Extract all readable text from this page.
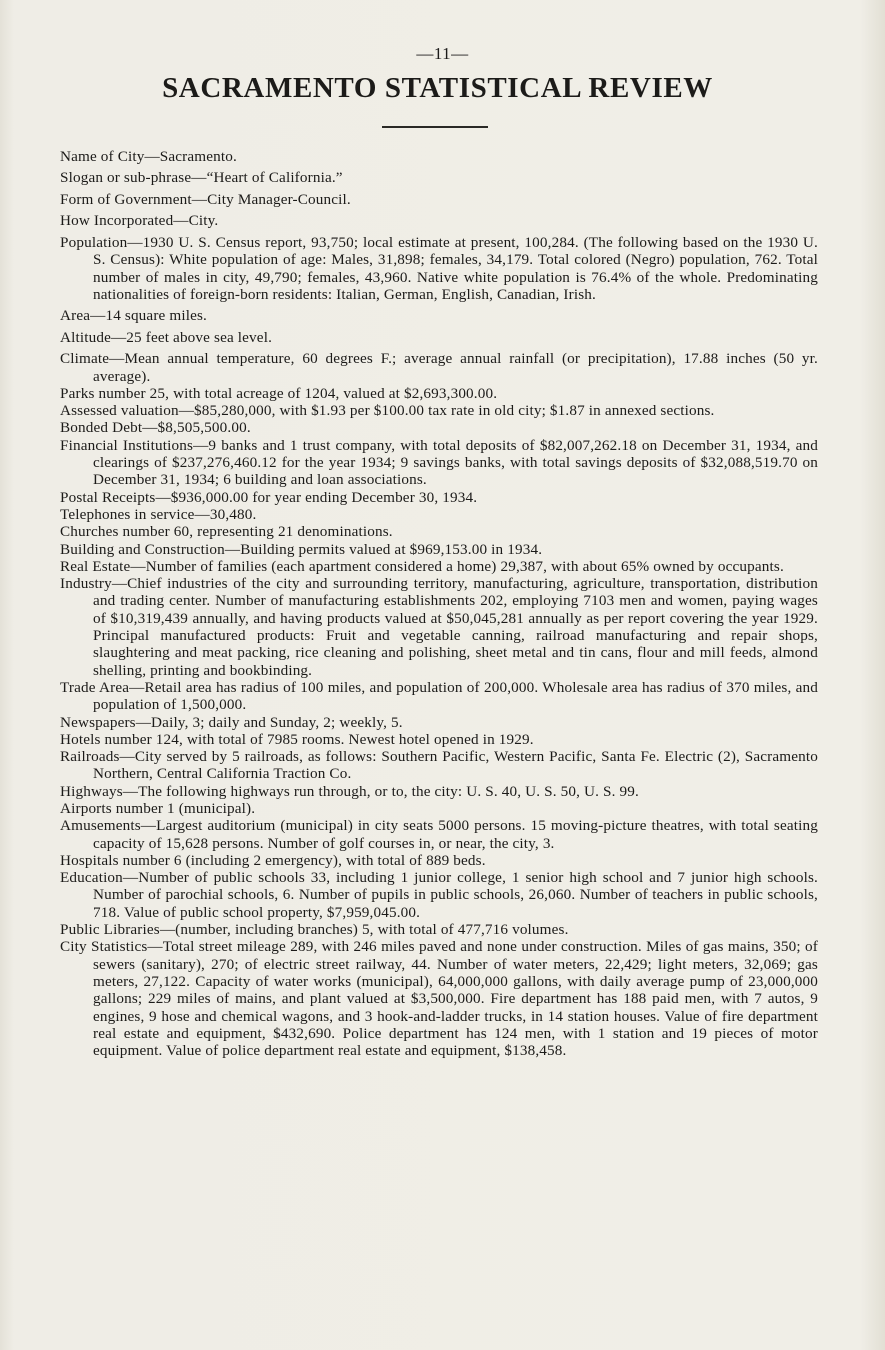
—11—
SACRAMENTO STATISTICAL REVIEW
Name of City—Sacramento.
Slogan or sub-phrase—“Heart of California.”
Form of Government—City Manager-Council.
How Incorporated—City.
Population—1930 U. S. Census report, 93,750; local estimate at present, 100,284. (The following based on the 1930 U. S. Census): White population of age: Males, 31,898; females, 34,179. Total colored (Negro) population, 762. Total number of males in city, 49,790; females, 43,960. Native white population is 76.4% of the whole. Predominating nationalities of foreign-born residents: Italian, German, English, Canadian, Irish.
Area—14 square miles.
Altitude—25 feet above sea level.
Climate—Mean annual temperature, 60 degrees F.; average annual rainfall (or precipitation), 17.88 inches (50 yr. average).
Parks number 25, with total acreage of 1204, valued at $2,693,300.00.
Assessed valuation—$85,280,000, with $1.93 per $100.00 tax rate in old city; $1.87 in annexed sections.
Bonded Debt—$8,505,500.00.
Financial Institutions—9 banks and 1 trust company, with total deposits of $82,007,262.18 on December 31, 1934, and clearings of $237,276,460.12 for the year 1934; 9 savings banks, with total savings deposits of $32,088,519.70 on December 31, 1934; 6 building and loan associations.
Postal Receipts—$936,000.00 for year ending December 30, 1934.
Telephones in service—30,480.
Churches number 60, representing 21 denominations.
Building and Construction—Building permits valued at $969,153.00 in 1934.
Real Estate—Number of families (each apartment considered a home) 29,387, with about 65% owned by occupants.
Industry—Chief industries of the city and surrounding territory, manufacturing, agriculture, transportation, distribution and trading center. Number of manufacturing establishments 202, employing 7103 men and women, paying wages of $10,319,439 annually, and having products valued at $50,045,281 annually as per report covering the year 1929. Principal manufactured products: Fruit and vegetable canning, railroad manufacturing and repair shops, slaughtering and meat packing, rice cleaning and polishing, sheet metal and tin cans, flour and mill feeds, almond shelling, printing and bookbinding.
Trade Area—Retail area has radius of 100 miles, and population of 200,000. Wholesale area has radius of 370 miles, and population of 1,500,000.
Newspapers—Daily, 3; daily and Sunday, 2; weekly, 5.
Hotels number 124, with total of 7985 rooms. Newest hotel opened in 1929.
Railroads—City served by 5 railroads, as follows: Southern Pacific, Western Pacific, Santa Fe. Electric (2), Sacramento Northern, Central California Traction Co.
Highways—The following highways run through, or to, the city: U. S. 40, U. S. 50, U. S. 99.
Airports number 1 (municipal).
Amusements—Largest auditorium (municipal) in city seats 5000 persons. 15 moving-picture theatres, with total seating capacity of 15,628 persons. Number of golf courses in, or near, the city, 3.
Hospitals number 6 (including 2 emergency), with total of 889 beds.
Education—Number of public schools 33, including 1 junior college, 1 senior high school and 7 junior high schools. Number of parochial schools, 6. Number of pupils in public schools, 26,060. Number of teachers in public schools, 718. Value of public school property, $7,959,045.00.
Public Libraries—(number, including branches) 5, with total of 477,716 volumes.
City Statistics—Total street mileage 289, with 246 miles paved and none under construction. Miles of gas mains, 350; of sewers (sanitary), 270; of electric street railway, 44. Number of water meters, 22,429; light meters, 32,069; gas meters, 27,122. Capacity of water works (municipal), 64,000,000 gallons, with daily average pump of 23,000,000 gallons; 229 miles of mains, and plant valued at $3,500,000. Fire department has 188 paid men, with 7 autos, 9 engines, 9 hose and chemical wagons, and 3 hook-and-ladder trucks, in 14 station houses. Value of fire department real estate and equipment, $432,690. Police department has 124 men, with 1 station and 19 pieces of motor equipment. Value of police department real estate and equipment, $138,458.
